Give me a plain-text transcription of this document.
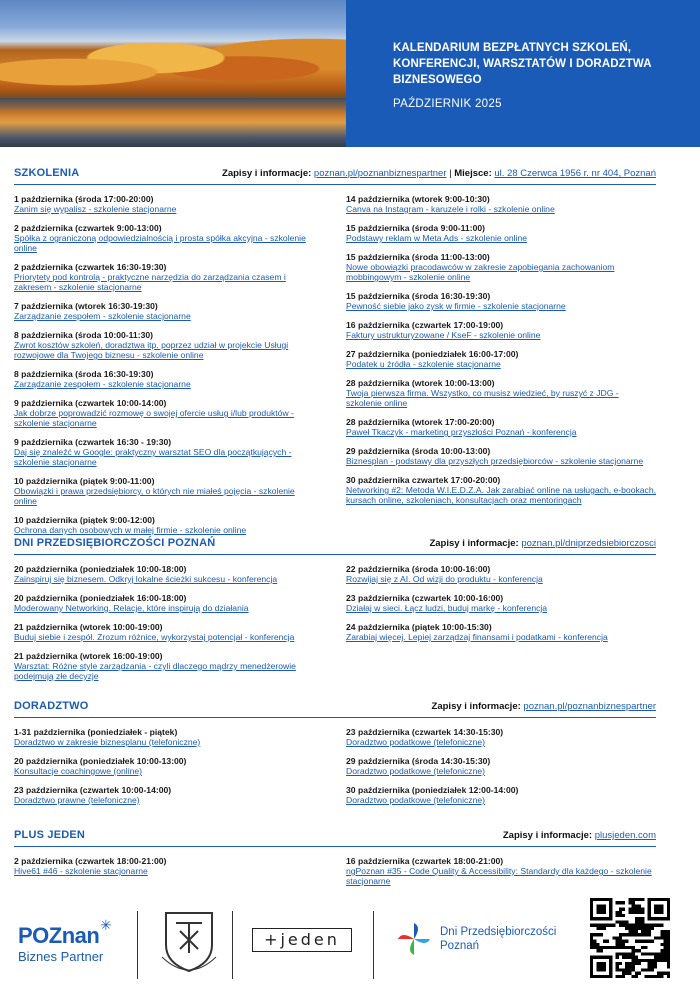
KALENDARIUM BEZPŁATNYCH SZKOLEŃ, KONFERENCJI, WARSZTATÓW I DORADZTWA BIZNESOWEGO
PAŹDZIERNIK 2025
SZKOLENIA	Zapisy i informacje: poznan.pl/poznanbiznespartner | Miejsce: ul. 28 Czerwca 1956 r. nr 404, Poznań
1 października (środa 17:00-20:00)
Zanim się wypalisz - szkolenie stacjonarne
2 października (czwartek 9:00-13:00)
Spółka z ograniczoną odpowiedzialnością i prosta spółka akcyjna - szkolenie online
2 października (czwartek 16:30-19:30)
Priorytety pod kontrolą - praktyczne narzędzia do zarządzania czasem i zakresem - szkolenie stacjonarne
7 października (wtorek 16:30-19:30)
Zarządzanie zespołem - szkolenie stacjonarne
8 października (środa 10:00-11:30)
Zwrot kosztów szkoleń, doradztwa itp. poprzez udział w projekcie Usługi rozwojowe dla Twojego biznesu - szkolenie online
8 października (środa 16:30-19:30)
Zarządzanie zespołem - szkolenie stacjonarne
9 października (czwartek 10:00-14:00)
Jak dobrze poprowadzić rozmowę o swojej ofercie usług i/lub produktów - szkolenie stacjonarne
9 października (czwartek 16:30 - 19:30)
Daj się znaleźć w Google: praktyczny warsztat SEO dla początkujących - szkolenie stacjonarne
10 października (piątek 9:00-11:00)
Obowiązki i prawa przedsiębiorcy, o których nie miałeś pojęcia - szkolenie online
10 października (piątek 9:00-12:00)
Ochrona danych osobowych w małej firmie - szkolenie online
14 października (wtorek 9:00-10:30)
Canva na Instagram - karuzele i rolki - szkolenie online
15 października (środa 9:00-11:00)
Podstawy reklam w Meta Ads - szkolenie online
15 października (środa 11:00-13:00)
Nowe obowiązki pracodawców w zakresie zapobiegania zachowaniom mobbingowym - szkolenie online
15 października (środa 16:30-19:30)
Pewność siebie jako zysk w firmie - szkolenie stacjonarne
16 października (czwartek 17:00-19:00)
Faktury ustrukturyzowane / KseF - szkolenie online
27 października (poniedziałek 16:00-17:00)
Podatek u źródła - szkolenie stacjonarne
28 października (wtorek 10:00-13:00)
Twoja pierwsza firma. Wszystko, co musisz wiedzieć, by ruszyć z JDG - szkolenie online
28 października (wtorek 17:00-20:00)
Paweł Tkaczyk - marketing przyszłości Poznań - konferencja
29 października (środa 10:00-13:00)
Biznesplan - podstawy dla przyszłych przedsiębiorców - szkolenie stacjonarne
30 października czwartek 17:00-20:00)
Networking #2: Metoda W.I.E.D.Z.A. Jak zarabiać online na usługach, e-bookach, kursach online, szkoleniach, konsultacjach oraz mentoringach
DNI PRZEDSIĘBIORCZOŚCI POZNAŃ	Zapisy i informacje: poznan.pl/dniprzedsiebiorczosci
20 października (poniedziałek 10:00-18:00)
Zainspiruj się biznesem. Odkryj lokalne ścieżki sukcesu - konferencja
20 października (poniedziałek 16:00-18:00)
Moderowany Networking. Relacje, które inspirują do działania
21 października (wtorek 10:00-19:00)
Buduj siebie i zespół. Zrozum różnice, wykorzystaj potencjał - konferencja
21 października (wtorek 16:00-19:00)
Warsztat: Różne style zarządzania - czyli dlaczego mądrzy menedżerowie podejmują złe decyzje
22 października (środa 10:00-16:00)
Rozwijaj się z AI. Od wizji do produktu - konferencja
23 października (czwartek 10:00-16:00)
Działaj w sieci. Łącz ludzi, buduj markę - konferencja
24 października (piątek 10:00-15:30)
Zarabiaj więcej. Lepiej zarządzaj finansami i podatkami - konferencja
DORADZTWO	Zapisy i informacje: poznan.pl/poznanbiznespartner
1-31 października (poniedziałek - piątek)
Doradztwo w zakresie biznesplanu (telefoniczne)
20 października (poniedziałek 10:00-13:00)
Konsultacje coachingowe (online)
23 października (czwartek 10:00-14:00)
Doradztwo prawne (telefoniczne)
23 października (czwartek 14:30-15:30)
Doradztwo podatkowe (telefoniczne)
29 października (środa 14:30-15:30)
Doradztwo podatkowe (telefoniczne)
30 października (poniedziałek 12:00-14:00)
Doradztwo podatkowe (telefoniczne)
PLUS JEDEN	Zapisy i informacje: plusjeden.com
2 października (czwartek 18:00-21:00)
Hive61 #46 - szkolenie stacjonarne
16 października (czwartek 18:00-21:00)
ngPoznan #35 - Code Quality & Accessibility: Standardy dla każdego - szkolenie stacjonarne
POZnan
Biznes Partner
✳
+jeden	Dni Przedsiębiorczości
Poznań
